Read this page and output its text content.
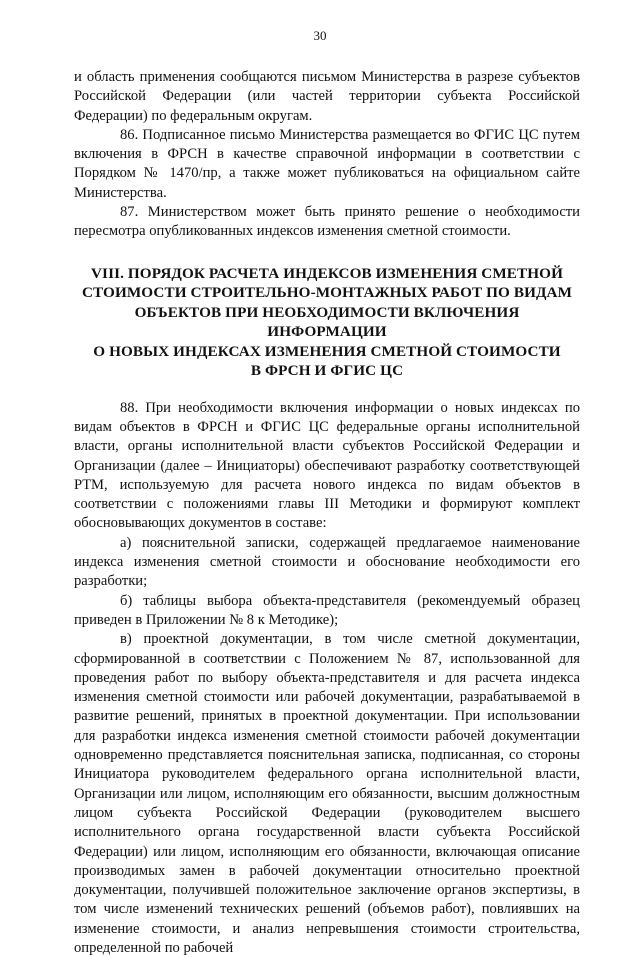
30

и область применения сообщаются письмом Министерства в разрезе субъектов Российской Федерации (или частей территории субъекта Российской Федерации) по федеральным округам.

86. Подписанное письмо Министерства размещается во ФГИС ЦС путем включения в ФРСН в качестве справочной информации в соответствии с Порядком № 1470/пр, а также может публиковаться на официальном сайте Министерства.

87. Министерством может быть принято решение о необходимости пересмотра опубликованных индексов изменения сметной стоимости.

VIII. ПОРЯДОК РАСЧЕТА ИНДЕКСОВ ИЗМЕНЕНИЯ СМЕТНОЙ
СТОИМОСТИ СТРОИТЕЛЬНО-МОНТАЖНЫХ РАБОТ ПО ВИДАМ
ОБЪЕКТОВ ПРИ НЕОБХОДИМОСТИ ВКЛЮЧЕНИЯ ИНФОРМАЦИИ
О НОВЫХ ИНДЕКСАХ ИЗМЕНЕНИЯ СМЕТНОЙ СТОИМОСТИ
В ФРСН И ФГИС ЦС

88. При необходимости включения информации о новых индексах по видам объектов в ФРСН и ФГИС ЦС федеральные органы исполнительной власти, органы исполнительной власти субъектов Российской Федерации и Организации (далее – Инициаторы) обеспечивают разработку соответствующей РТМ, используемую для расчета нового индекса по видам объектов в соответствии с положениями главы III Методики и формируют комплект обосновывающих документов в составе:

а) пояснительной записки, содержащей предлагаемое наименование индекса изменения сметной стоимости и обоснование необходимости его разработки;

б) таблицы выбора объекта-представителя (рекомендуемый образец приведен в Приложении № 8 к Методике);

в) проектной документации, в том числе сметной документации, сформированной в соответствии с Положением № 87, использованной для проведения работ по выбору объекта-представителя и для расчета индекса изменения сметной стоимости или рабочей документации, разрабатываемой в развитие решений, принятых в проектной документации. При использовании для разработки индекса изменения сметной стоимости рабочей документации одновременно представляется пояснительная записка, подписанная, со стороны Инициатора руководителем федерального органа исполнительной власти, Организации или лицом, исполняющим его обязанности, высшим должностным лицом субъекта Российской Федерации (руководителем высшего исполнительного органа государственной власти субъекта Российской Федерации) или лицом, исполняющим его обязанности, включающая описание производимых замен в рабочей документации относительно проектной документации, получившей положительное заключение органов экспертизы, в том числе изменений технических решений (объемов работ), повлиявших на изменение стоимости, и анализ непревышения стоимости строительства, определенной по рабочей
